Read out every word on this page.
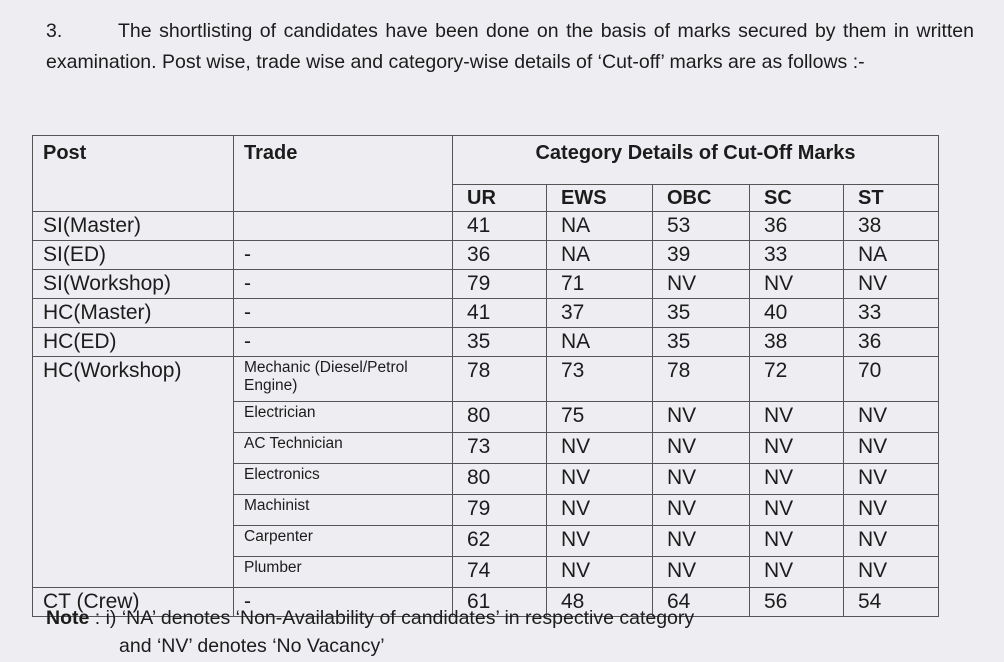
3.	The shortlisting of candidates have been done on the basis of marks secured by them in written examination. Post wise, trade wise and category-wise details of ‘Cut-off’ marks are as follows :-
Post	Trade	Category Details of Cut-Off Marks				
		UR	EWS	OBC	SC	ST
SI(Master)		41	NA	53	36	38
SI(ED)	-	36	NA	39	33	NA
SI(Workshop)	-	79	71	NV	NV	NV
HC(Master)	-	41	37	35	40	33
HC(ED)	-	35	NA	35	38	36
HC(Workshop)	Mechanic (Diesel/Petrol Engine)	78	73	78	72	70
	Electrician	80	75	NV	NV	NV
	AC Technician	73	NV	NV	NV	NV
	Electronics	80	NV	NV	NV	NV
	Machinist	79	NV	NV	NV	NV
	Carpenter	62	NV	NV	NV	NV
	Plumber	74	NV	NV	NV	NV
CT (Crew)	-	61	48	64	56	54
Note : i) ‘NA’ denotes ‘Non-Availability of candidates’ in respective category
and ‘NV’ denotes ‘No Vacancy’
